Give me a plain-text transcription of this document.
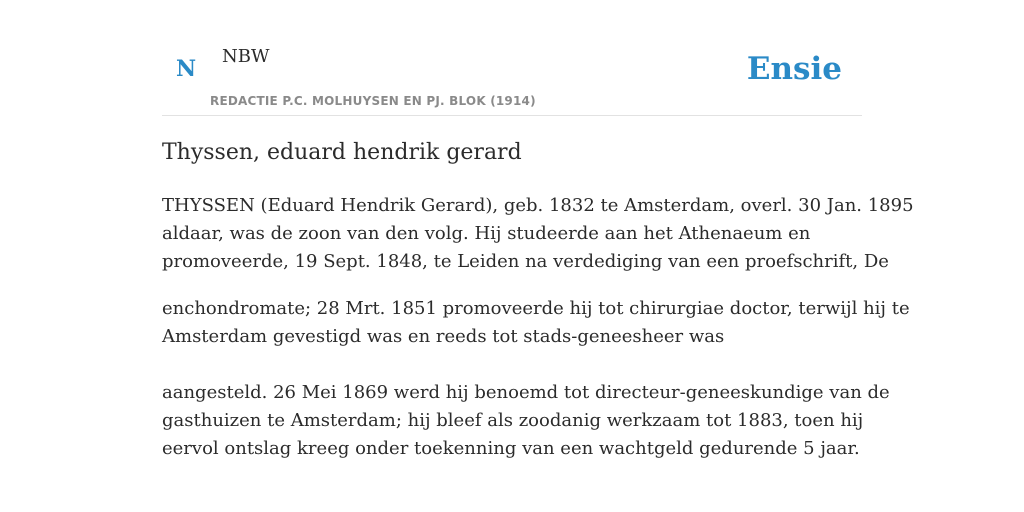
N NBW
REDACTIE P.C. MOLHUYSEN EN PJ. BLOK (1914)
Ensie
Thyssen, eduard hendrik gerard
THYSSEN (Eduard Hendrik Gerard), geb. 1832 te Amsterdam, overl. 30 Jan. 1895
aldaar, was de zoon van den volg. Hij studeerde aan het Athenaeum en
promoveerde, 19 Sept. 1848, te Leiden na verdediging van een proefschrift, De
enchondromate; 28 Mrt. 1851 promoveerde hij tot chirurgiae doctor, terwijl hij te
Amsterdam gevestigd was en reeds tot stads-geneesheer was
aangesteld. 26 Mei 1869 werd hij benoemd tot directeur-geneeskundige van de
gasthuizen te Amsterdam; hij bleef als zoodanig werkzaam tot 1883, toen hij
eervol ontslag kreeg onder toekenning van een wachtgeld gedurende 5 jaar.
